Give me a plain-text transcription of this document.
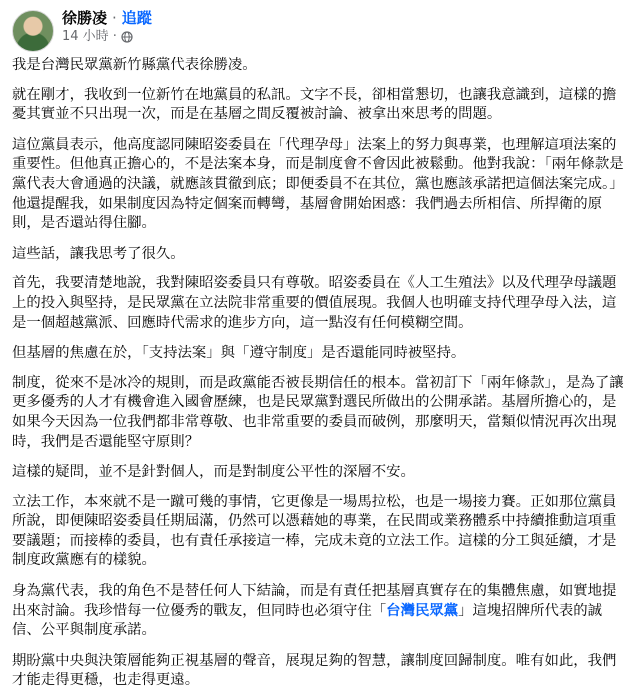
徐勝凌 · 追蹤
14 小時 ·

我是台灣民眾黨新竹縣黨代表徐勝凌。

就在剛才，我收到一位新竹在地黨員的私訊。文字不長，卻相當懇切，也讓我意識到，這樣的擔憂其實並不只出現一次，而是在基層之間反覆被討論、被拿出來思考的問題。

這位黨員表示，他高度認同陳昭姿委員在「代理孕母」法案上的努力與專業，也理解這項法案的重要性。但他真正擔心的，不是法案本身，而是制度會不會因此被鬆動。他對我說：「兩年條款是黨代表大會通過的決議，就應該貫徹到底；即便委員不在其位，黨也應該承諾把這個法案完成。」他還提醒我，如果制度因為特定個案而轉彎，基層會開始困惑：我們過去所相信、所捍衛的原則，是否還站得住腳。

這些話，讓我思考了很久。

首先，我要清楚地說，我對陳昭姿委員只有尊敬。昭姿委員在《人工生殖法》以及代理孕母議題上的投入與堅持，是民眾黨在立法院非常重要的價值展現。我個人也明確支持代理孕母入法，這是一個超越黨派、回應時代需求的進步方向，這一點沒有任何模糊空間。

但基層的焦慮在於，「支持法案」與「遵守制度」是否還能同時被堅持。

制度，從來不是冰冷的規則，而是政黨能否被長期信任的根本。當初訂下「兩年條款」，是為了讓更多優秀的人才有機會進入國會歷練，也是民眾黨對選民所做出的公開承諾。基層所擔心的，是如果今天因為一位我們都非常尊敬、也非常重要的委員而破例，那麼明天，當類似情況再次出現時，我們是否還能堅守原則？

這樣的疑問，並不是針對個人，而是對制度公平性的深層不安。

立法工作，本來就不是一蹴可幾的事情，它更像是一場馬拉松，也是一場接力賽。正如那位黨員所說，即便陳昭姿委員任期屆滿，仍然可以憑藉她的專業，在民間或業務體系中持續推動這項重要議題；而接棒的委員，也有責任承接這一棒，完成未竟的立法工作。這樣的分工與延續，才是制度政黨應有的樣貌。

身為黨代表，我的角色不是替任何人下結論，而是有責任把基層真實存在的集體焦慮，如實地提出來討論。我珍惜每一位優秀的戰友，但同時也必須守住「台灣民眾黨」這塊招牌所代表的誠信、公平與制度承諾。

期盼黨中央與決策層能夠正視基層的聲音，展現足夠的智慧，讓制度回歸制度。唯有如此，我們才能走得更穩，也走得更遠。
